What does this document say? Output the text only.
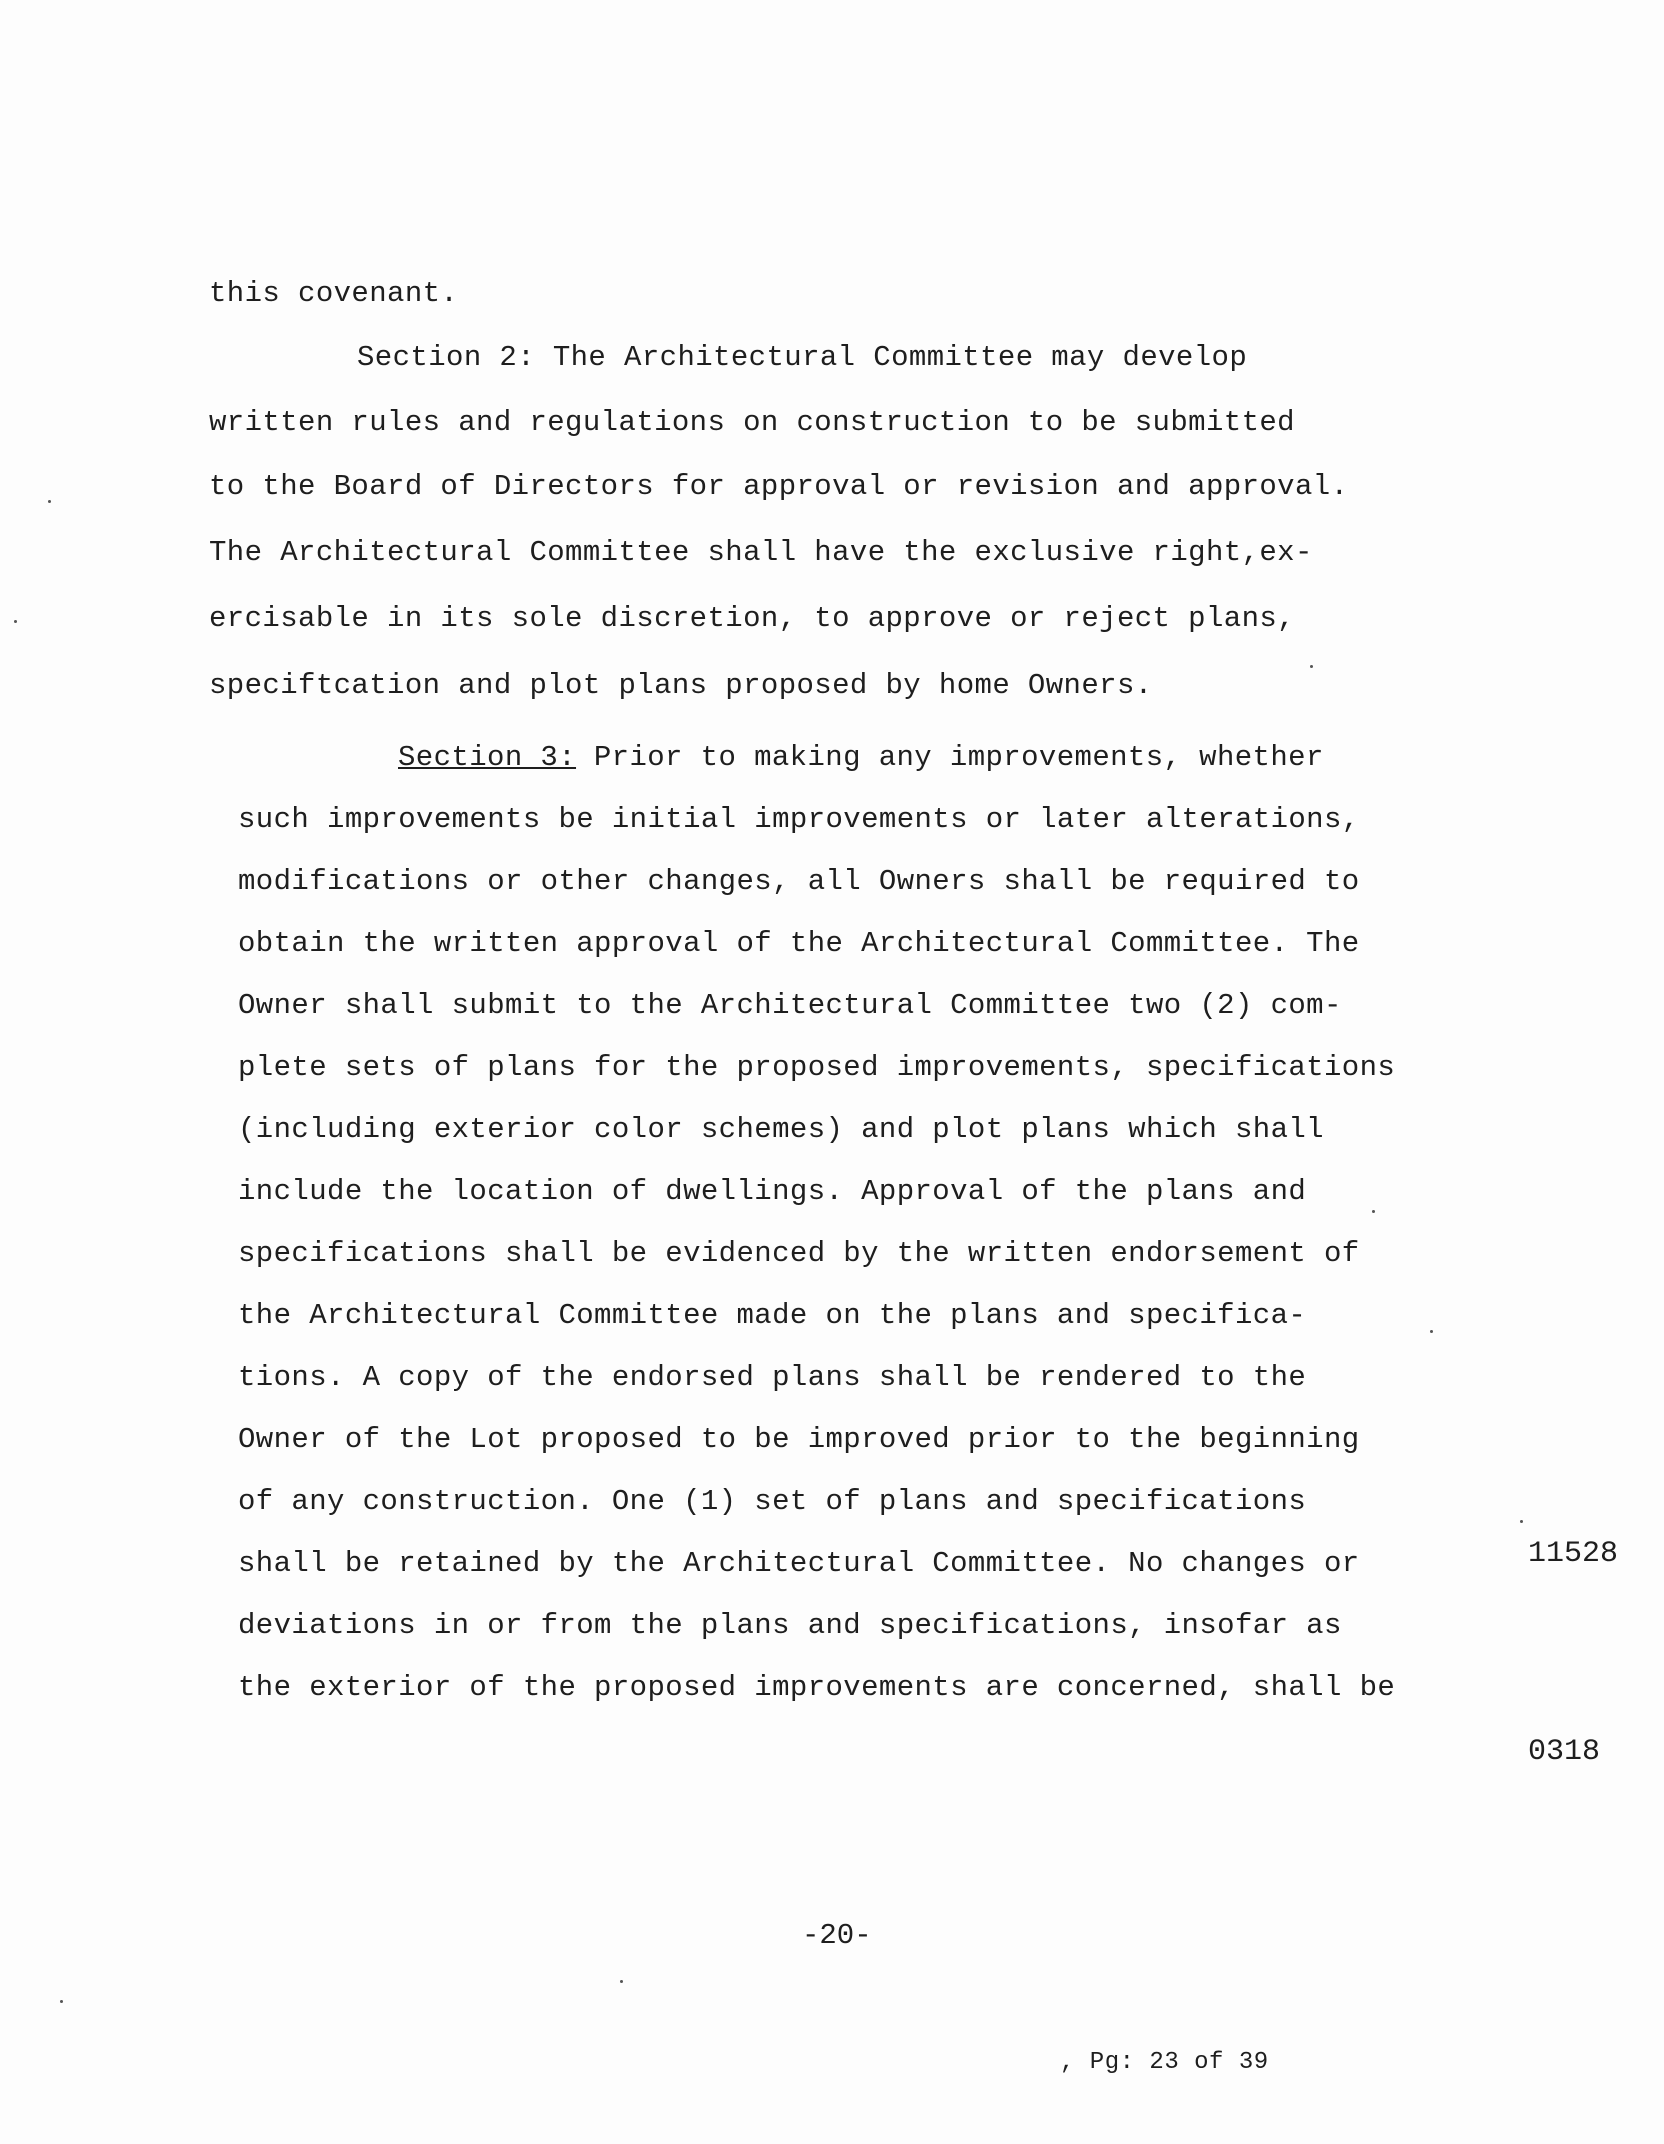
this covenant.
Section 2: The Architectural Committee may develop
written rules and regulations on construction to be submitted
to the Board of Directors for approval or revision and approval.
The Architectural Committee shall have the exclusive right,ex-
ercisable in its sole discretion, to approve or reject plans,
speciftcation and plot plans proposed by home Owners.
Section 3: Prior to making any improvements, whether
such improvements be initial improvements or later alterations,
modifications or other changes, all Owners shall be required to
obtain the written approval of the Architectural Committee. The
Owner shall submit to the Architectural Committee two (2) com-
plete sets of plans for the proposed improvements, specifications
(including exterior color schemes) and plot plans which shall
include the location of dwellings. Approval of the plans and
specifications shall be evidenced by the written endorsement of
the Architectural Committee made on the plans and specifica-
tions. A copy of the endorsed plans shall be rendered to the
Owner of the Lot proposed to be improved prior to the beginning
of any construction. One (1) set of plans and specifications
shall be retained by the Architectural Committee. No changes or
deviations in or from the plans and specifications, insofar as
the exterior of the proposed improvements are concerned, shall be
-20-
, Pg: 23 of 39
11528
0318
